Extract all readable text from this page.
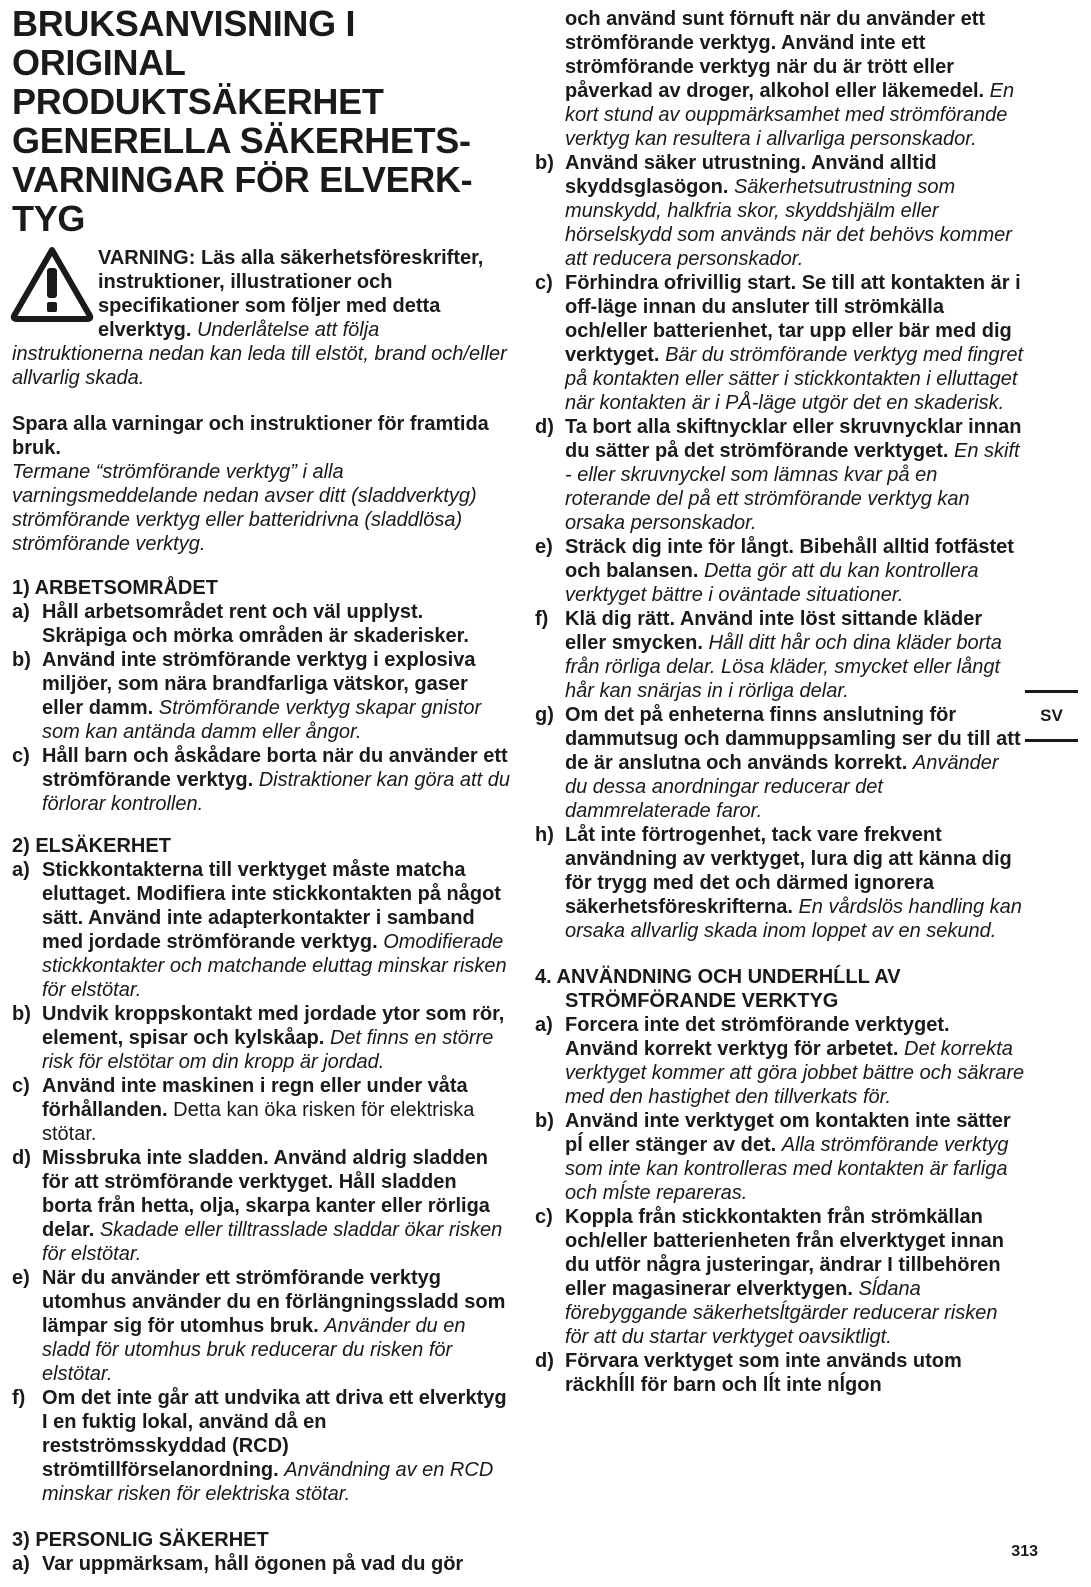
BRUKSANVISNING I ORIGINAL
PRODUKTSÄKERHET
GENERELLA SÄKERHETS-
VARNINGAR FÖR ELVERK-
TYG
VARNING: Läs alla säkerhetsföreskrifter, instruktioner, illustrationer och specifikationer som följer med detta elverktyg. Underlåtelse att följa instruktionerna nedan kan leda till elstöt, brand och/eller allvarlig skada.

Spara alla varningar och instruktioner för framtida bruk.
Termane “strömförande verktyg” i alla varningsmeddelande nedan avser ditt (sladdverktyg) strömförande verktyg eller batteridrivna (sladdlösa) strömförande verktyg.

1) ARBETSOMRÅDET
a) Håll arbetsområdet rent och väl upplyst. Skräpiga och mörka områden är skaderisker.
b) Använd inte strömförande verktyg i explosiva miljöer, som nära brandfarliga vätskor, gaser eller damm. Strömförande verktyg skapar gnistor som kan antända damm eller ångor.
c) Håll barn och åskådare borta när du använder ett strömförande verktyg. Distraktioner kan göra att du förlorar kontrollen.
2) ELSÄKERHET
a) Stickkontakterna till verktyget måste matcha eluttaget. Modifiera inte stickkontakten på något sätt. Använd inte adapterkontakter i samband med jordade strömförande verktyg. Omodifierade stickkontakter och matchande eluttag minskar risken för elstötar.
b) Undvik kroppskontakt med jordade ytor som rör, element, spisar och kylskåap. Det finns en större risk för elstötar om din kropp är jordad.
c) Använd inte maskinen i regn eller under våta förhållanden. Detta kan öka risken för elektriska stötar.
d) Missbruka inte sladden. Använd aldrig sladden för att strömförande verktyget. Håll sladden borta från hetta, olja, skarpa kanter eller rörliga delar. Skadade eller tilltrasslade sladdar ökar risken för elstötar.
e) När du använder ett strömförande verktyg utomhus använder du en förlängningssladd som lämpar sig för utomhus bruk. Använder du en sladd för utomhus bruk reducerar du risken för elstötar.
f) Om det inte går att undvika att driva ett elverktyg I en fuktig lokal, använd då en restströmsskyddad (RCD) strömtillförselanordning. Användning av en RCD minskar risken för elektriska stötar.
3) PERSONLIG SÄKERHET
a) Var uppmärksam, håll ögonen på vad du gör
och använd sunt förnuft när du använder ett strömförande verktyg. Använd inte ett strömförande verktyg när du är trött eller påverkad av droger, alkohol eller läkemedel. En kort stund av ouppmärksamhet med strömförande verktyg kan resultera i allvarliga personskador.
b) Använd säker utrustning. Använd alltid skyddsglasögon. Säkerhetsutrustning som munskydd, halkfria skor, skyddshjälm eller hörselskydd som används när det behövs kommer att reducera personskador.
c) Förhindra ofrivillig start. Se till att kontakten är i off-läge innan du ansluter till strömkälla och/eller batterienhet, tar upp eller bär med dig verktyget. Bär du strömförande verktyg med fingret på kontakten eller sätter i stickkontakten i elluttaget när kontakten är i PÅ-läge utgör det en skaderisk.
d) Ta bort alla skiftnycklar eller skruvnycklar innan du sätter på det strömförande verktyget. En skift - eller skruvnyckel som lämnas kvar på en roterande del på ett strömförande verktyg kan orsaka personskador.
e) Sträck dig inte för långt. Bibehåll alltid fotfästet och balansen. Detta gör att du kan kontrollera verktyget bättre i oväntade situationer.
f) Klä dig rätt. Använd inte löst sittande kläder eller smycken. Håll ditt hår och dina kläder borta från rörliga delar. Lösa kläder, smycket eller långt hår kan snärjas in i rörliga delar.
g) Om det på enheterna finns anslutning för dammutsug och dammuppsamling ser du till att de är anslutna och används korrekt. Använder du dessa anordningar reducerar det dammrelaterade faror.
h) Låt inte förtrogenhet, tack vare frekvent användning av verktyget, lura dig att känna dig för trygg med det och därmed ignorera säkerhetsföreskrifterna. En vårdslös handling kan orsaka allvarlig skada inom loppet av en sekund.
4. ANVÄNDNING OCH UNDERHĹLL AV
STRÖMFÖRANDE VERKTYG
a) Forcera inte det strömförande verktyget. Använd korrekt verktyg för arbetet. Det korrekta verktyget kommer att göra jobbet bättre och säkrare med den hastighet den tillverkats för.
b) Använd inte verktyget om kontakten inte sätter pĺ eller stänger av det. Alla strömförande verktyg som inte kan kontrolleras med kontakten är farliga och mĺste repareras.
c) Koppla från stickkontakten från strömkällan och/eller batterienheten från elverktyget innan du utför några justeringar, ändrar I tillbehören eller magasinerar elverktygen. Sĺdana förebyggande säkerhetsĺtgärder reducerar risken för att du startar verktyget oavsiktligt.
d) Förvara verktyget som inte används utom räckhĺll för barn och lĺt inte nĺgon
SV
313
